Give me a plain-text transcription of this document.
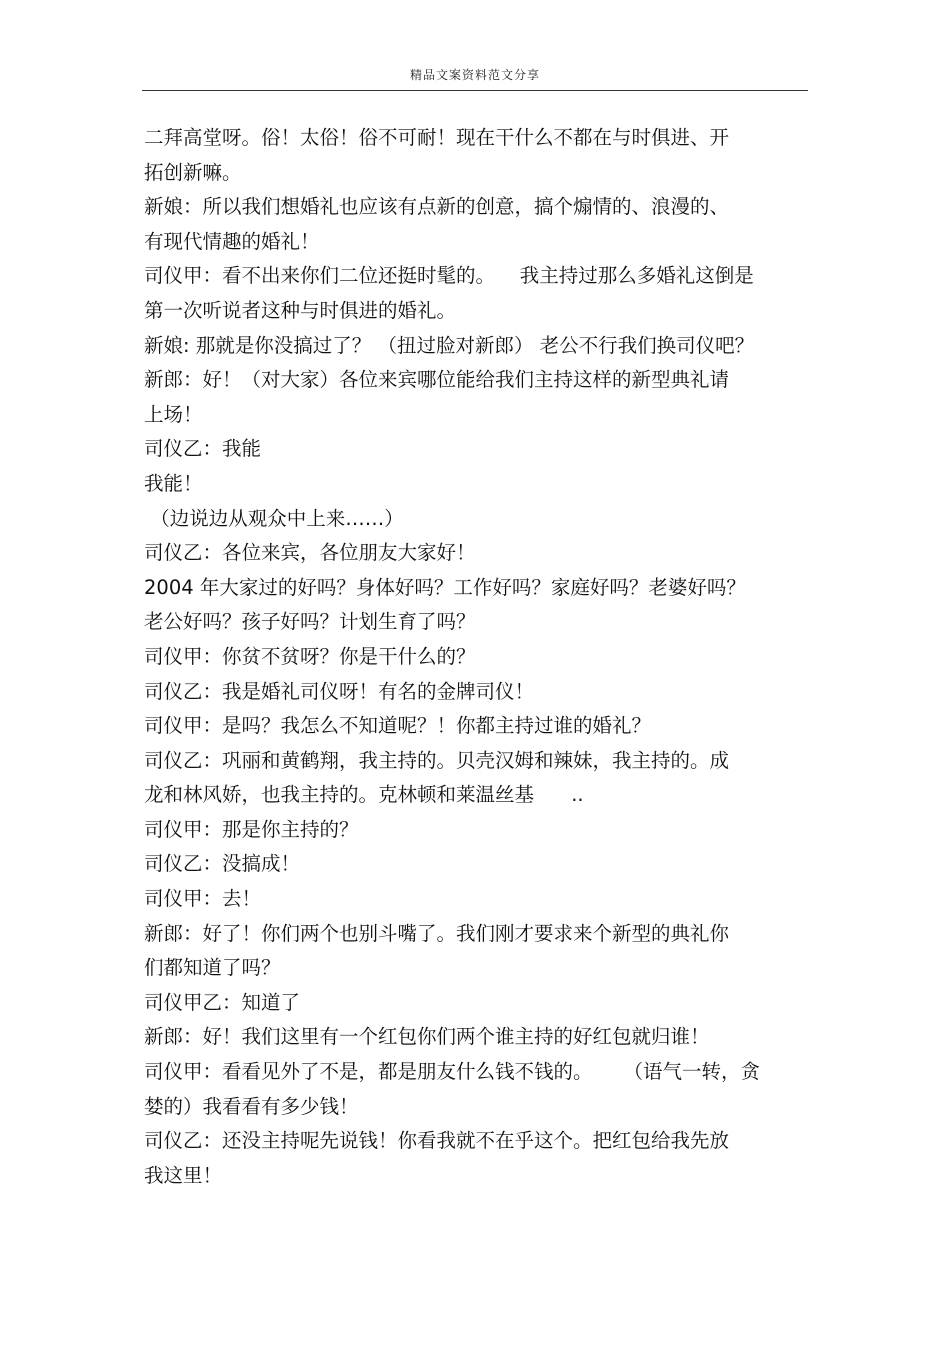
精品文案资料范文分享
二拜高堂呀。俗！太俗！俗不可耐！现在干什么不都在与时俱进、开
拓创新嘛。
新娘：所以我们想婚礼也应该有点新的创意，搞个煽情的、浪漫的、
有现代情趣的婚礼！
司仪甲：看不出来你们二位还挺时髦的。    我主持过那么多婚礼这倒是
第一次听说者这种与时俱进的婚礼。
新娘: 那就是你没搞过了？ （扭过脸对新郎） 老公不行我们换司仪吧？
新郎：好！（对大家）各位来宾哪位能给我们主持这样的新型典礼请
上场！
司仪乙：我能
我能！
（边说边从观众中上来……）
司仪乙：各位来宾，各位朋友大家好！
2004 年大家过的好吗？身体好吗？工作好吗？家庭好吗？老婆好吗？
老公好吗？孩子好吗？计划生育了吗？
司仪甲：你贫不贫呀？你是干什么的？
司仪乙：我是婚礼司仪呀！有名的金牌司仪！
司仪甲：是吗？我怎么不知道呢？！你都主持过谁的婚礼？
司仪乙：巩丽和黄鹤翔，我主持的。贝壳汉姆和辣妹，我主持的。成
龙和林风娇，也我主持的。克林顿和莱温丝基      ..
司仪甲：那是你主持的？
司仪乙：没搞成！
司仪甲：去！
新郎：好了！你们两个也别斗嘴了。我们刚才要求来个新型的典礼你
们都知道了吗？
司仪甲乙：知道了
新郎：好！我们这里有一个红包你们两个谁主持的好红包就归谁！
司仪甲：看看见外了不是，都是朋友什么钱不钱的。     （语气一转，贪
婪的）我看看有多少钱！
司仪乙：还没主持呢先说钱！你看我就不在乎这个。把红包给我先放
我这里！
